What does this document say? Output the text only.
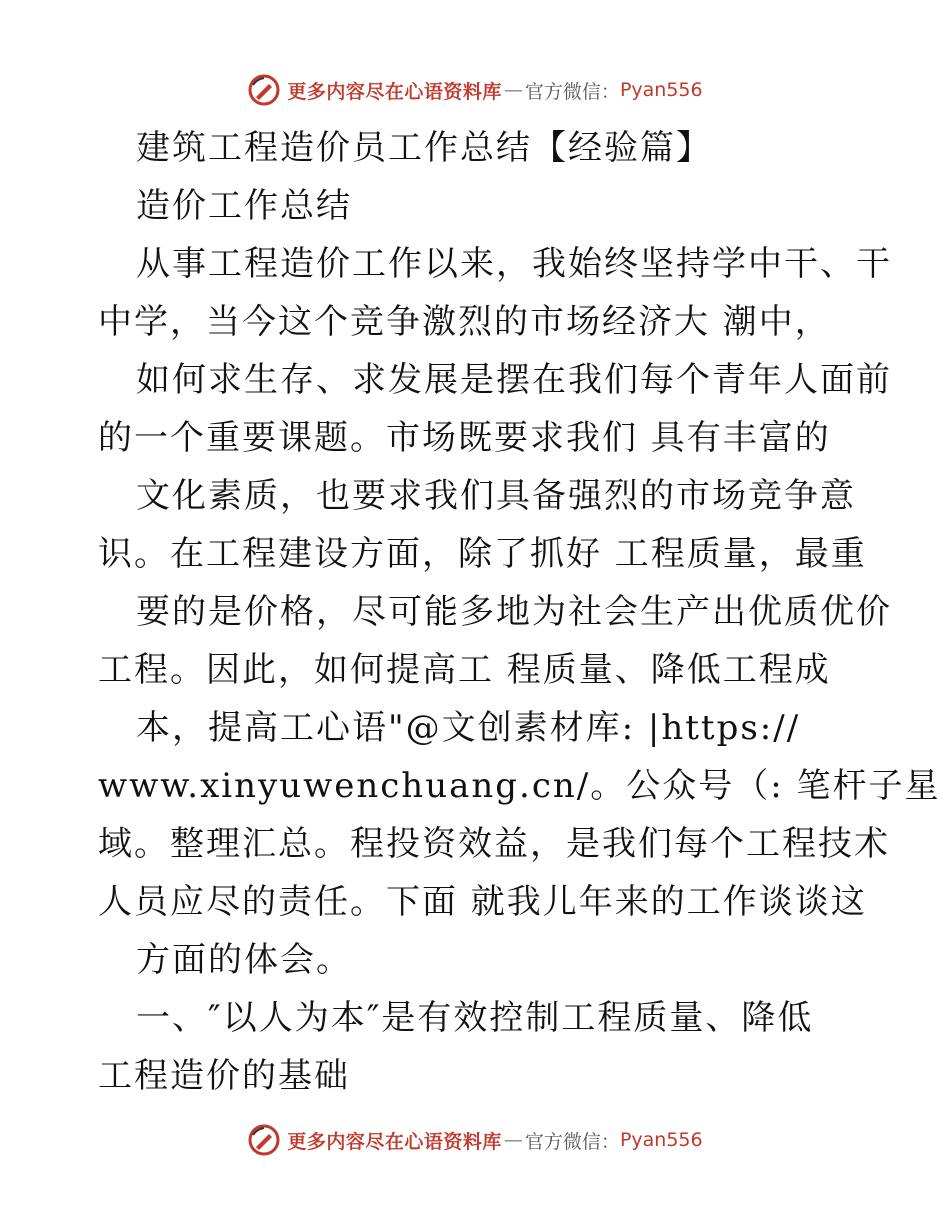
更多内容尽在心语资料库 — 官方微信： Pyan556
建筑工程造价员工作总结【经验篇】
造价工作总结
从事工程造价工作以来，我始终坚持学中干、干
中学，当今这个竞争激烈的市场经济大 潮中，
如何求生存、求发展是摆在我们每个青年人面前
的一个重要课题。市场既要求我们 具有丰富的
文化素质，也要求我们具备强烈的市场竞争意
识。在工程建设方面，除了抓好 工程质量，最重
要的是价格，尽可能多地为社会生产出优质优价
工程。因此，如何提高工 程质量、降低工程成
本，提高工心语"@文创素材库: |https://
www.xinyuwenchuang.cn/。公众号（: 笔杆子星
域。整理汇总。程投资效益，是我们每个工程技术
人员应尽的责任。下面 就我儿年来的工作谈谈这
方面的体会。
一、″以人为本″是有效控制工程质量、降低
工程造价的基础
更多内容尽在心语资料库 — 官方微信： Pyan556
